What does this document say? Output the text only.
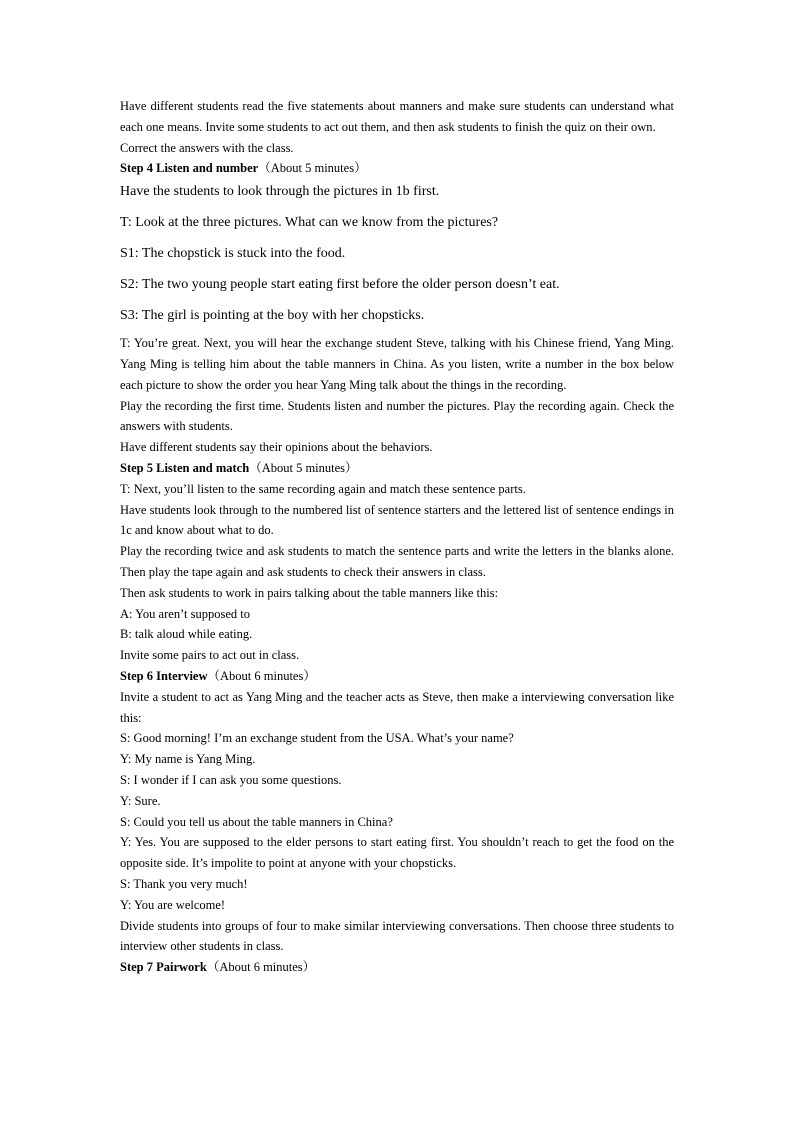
Have different students read the five statements about manners and make sure students can understand what each one means. Invite some students to act out them, and then ask students to finish the quiz on their own.

Correct the answers with the class.

Step 4 Listen and number（About 5 minutes）

Have the students to look through the pictures in 1b first.

T: Look at the three pictures. What can we know from the pictures?

S1: The chopstick is stuck into the food.

S2: The two young people start eating first before the older person doesn’t eat.

S3: The girl is pointing at the boy with her chopsticks.

T: You’re great. Next, you will hear the exchange student Steve, talking with his Chinese friend, Yang Ming. Yang Ming is telling him about the table manners in China. As you listen, write a number in the box below each picture to show the order you hear Yang Ming talk about the things in the recording.

Play the recording the first time. Students listen and number the pictures. Play the recording again. Check the answers with students.

Have different students say their opinions about the behaviors.

Step 5 Listen and match（About 5 minutes）

T: Next, you’ll listen to the same recording again and match these sentence parts.

Have students look through to the numbered list of sentence starters and the lettered list of sentence endings in 1c and know about what to do.

Play the recording twice and ask students to match the sentence parts and write the letters in the blanks alone. Then play the tape again and ask students to check their answers in class.

Then ask students to work in pairs talking about the table manners like this:

A: You aren’t supposed to

B: talk aloud while eating.

Invite some pairs to act out in class.

Step 6 Interview（About 6 minutes）

Invite a student to act as Yang Ming and the teacher acts as Steve, then make a interviewing conversation like this:

S: Good morning! I’m an exchange student from the USA. What’s your name?

Y: My name is Yang Ming.

S: I wonder if I can ask you some questions.

Y: Sure.

S: Could you tell us about the table manners in China?

Y: Yes. You are supposed to the elder persons to start eating first. You shouldn’t reach to get the food on the opposite side. It’s impolite to point at anyone with your chopsticks.

S: Thank you very much!

Y: You are welcome!

Divide students into groups of four to make similar interviewing conversations. Then choose three students to interview other students in class.

Step 7 Pairwork（About 6 minutes）
